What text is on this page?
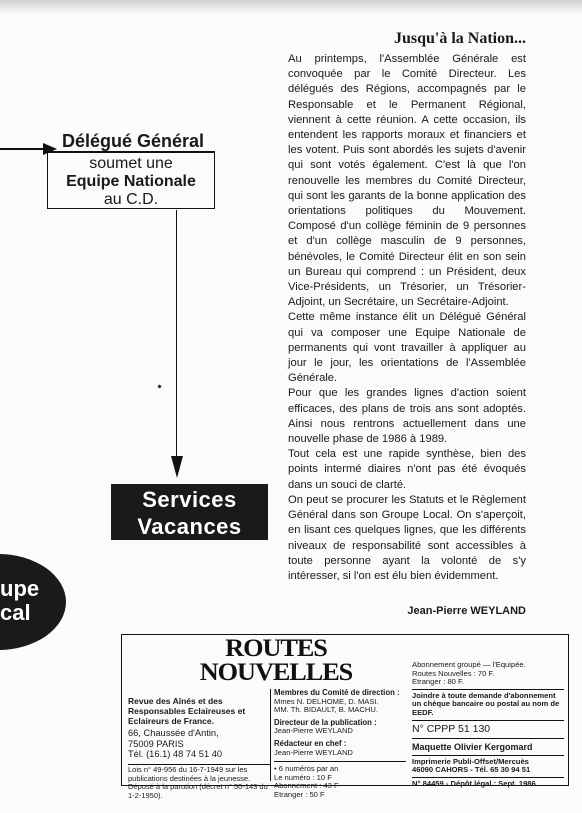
Délégué Général
soumet une
Equipe Nationale
au C.D.
Services
Vacances
upe
cal
Jusqu'à la Nation...

Au printemps, l'Assemblée Générale est convoquée par le Comité Directeur. Les délégués des Régions, accompagnés par le Responsable et le Permanent Régional, viennent à cette réunion. A cette occasion, ils entendent les rapports moraux et financiers et les votent. Puis sont abordés les sujets d'avenir qui sont votés également. C'est là que l'on renouvelle les membres du Comité Directeur, qui sont les garants de la bonne application des orientations politiques du Mouvement. Composé d'un collège féminin de 9 personnes et d'un collège masculin de 9 personnes, bénévoles, le Comité Directeur élit en son sein un Bureau qui comprend : un Président, deux Vice-Présidents, un Trésorier, un Trésorier- Adjoint, un Secrétaire, un Secrétaire-Adjoint.

Cette même instance élit un Délégué Général qui va composer une Equipe Nationale de permanents qui vont travailler à appliquer au jour le jour, les orientations de l'Assemblée Générale.

Pour que les grandes lignes d'action soient efficaces, des plans de trois ans sont adoptés. Ainsi nous rentrons actuellement dans une nouvelle phase de 1986 à 1989.

Tout cela est une rapide synthèse, bien des points intermé diaires n'ont pas été évoqués dans un souci de clarté.

On peut se procurer les Statuts et le Règlement Général dans son Groupe Local. On s'aperçoit, en lisant ces quelques lignes, que les différents niveaux de responsabilité sont accessibles à toute personne ayant la volonté de s'y intéresser, si l'on est élu bien évidemment.

Jean-Pierre WEYLAND
ROUTES
NOUVELLES
Revue des Aînés et des Responsables Eclaireuses et Eclaireurs de France.
66, Chaussée d'Antin,
75009 PARIS
Tél. (16.1) 48 74 51 40
Lois n° 49-956 du 16-7-1949 sur les publications destinées à la jeunesse.
Déposé à la parution (décret n° 50-143 du 1-2-1950).
Membres du Comité de direction :
Mmes N. DELHOME, D. MASI.
MM. Th. BIDAULT, B. MACHU.
Directeur de la publication :
Jean-Pierre WEYLAND
Rédacteur en chef :
Jean-Pierre WEYLAND
• 6 numéros par an
Le numéro : 10 F
Abonnement : 43 F
Etranger : 50 F
Abonnement groupé — l'Equipée.
Routes Nouvelles : 70 F.
Etranger : 80 F.
Joindre à toute demande d'abonnement un chèque bancaire ou postal au nom de EEDF.
N° CPPP 51 130
Maquette Olivier Kergomard
Imprimerie Publi-Offset/Mercuès
46090 CAHORS - Tél. 65 30 94 51
N° 84459 - Dépôt légal : Sept. 1986
